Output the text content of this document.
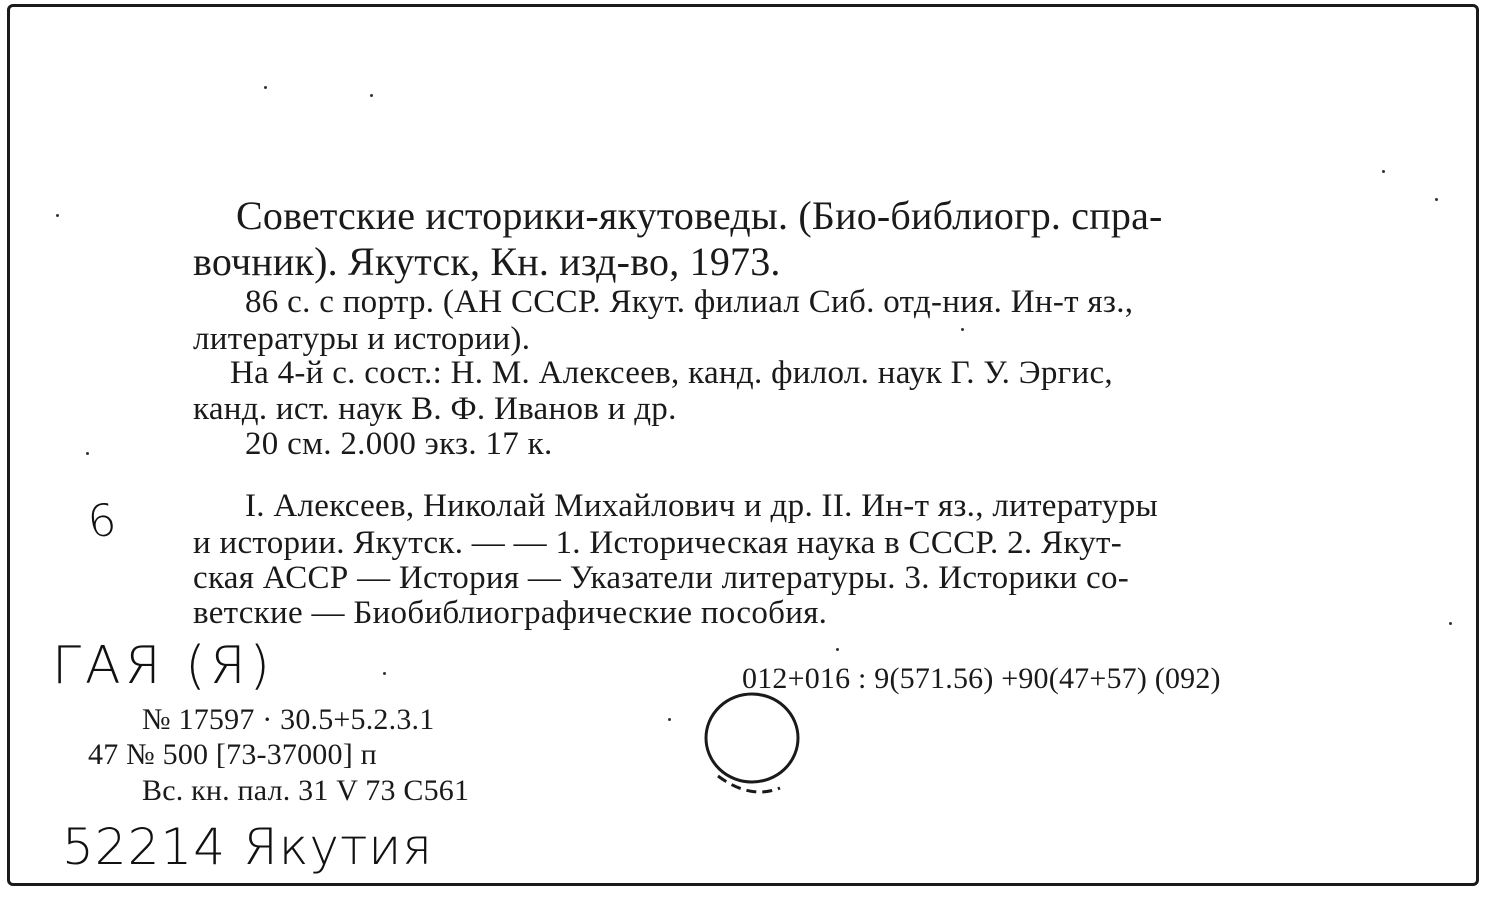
Советские историки-якутоведы. (Био-библиогр. спра-
вочник). Якутск, Кн. изд-во, 1973.
86 с. с портр. (АН СССР. Якут. филиал Сиб. отд-ния. Ин-т яз.,
литературы и истории).
На 4-й с. сост.: Н. М. Алексеев, канд. филол. наук Г. У. Эргис,
канд. ист. наук В. Ф. Иванов и др.
20 см. 2.000 экз. 17 к.
I. Алексеев, Николай Михайлович и др. II. Ин-т яз., литературы
и истории. Якутск. — — 1. Историческая наука в СССР. 2. Якут-
ская АССР — История — Указатели литературы. 3. Историки со-
ветские — Биобиблиографические пособия.
012+016 : 9(571.56) +90(47+57) (092)
№ 17597 · 30.5+5.2.3.1
47 № 500 [73-37000] п
Вс. кн. пал. 31 V 73 С561
6
ГАЯ (Я)
52214 Якутия
